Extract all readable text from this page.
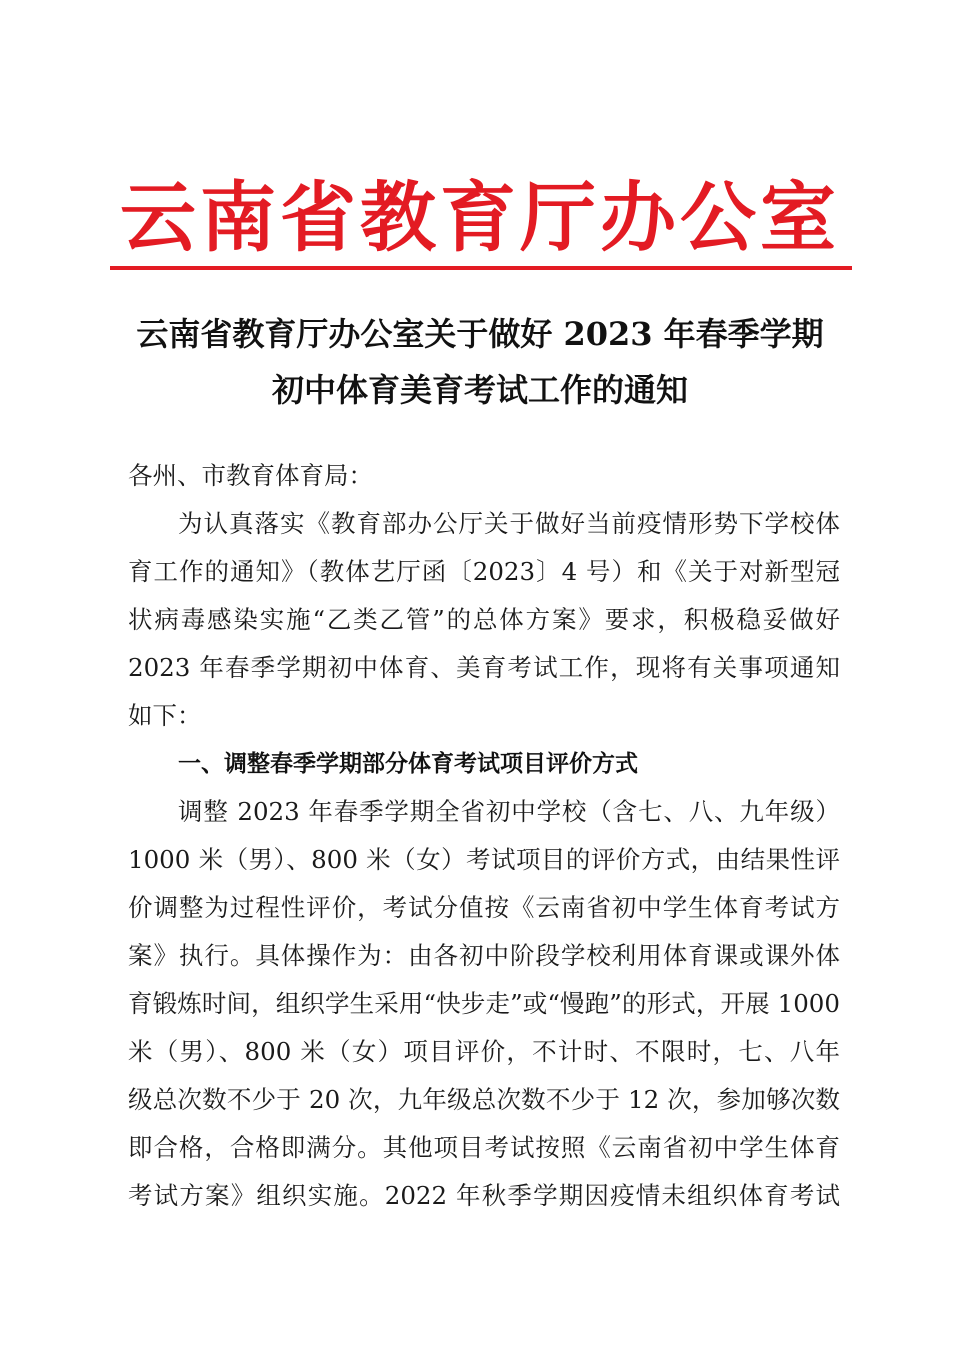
云南省教育厅办公室
云南省教育厅办公室关于做好 2023 年春季学期
初中体育美育考试工作的通知
各州、市教育体育局：
为认真落实《教育部办公厅关于做好当前疫情形势下学校体
育工作的通知》（教体艺厅函〔2023〕4 号）和《关于对新型冠
状病毒感染实施“乙类乙管”的总体方案》要求，积极稳妥做好
2023 年春季学期初中体育、美育考试工作，现将有关事项通知
如下：
一、调整春季学期部分体育考试项目评价方式
调整 2023 年春季学期全省初中学校（含七、八、九年级）
1000 米（男）、800 米（女）考试项目的评价方式，由结果性评
价调整为过程性评价，考试分值按《云南省初中学生体育考试方
案》执行。具体操作为：由各初中阶段学校利用体育课或课外体
育锻炼时间，组织学生采用“快步走”或“慢跑”的形式，开展 1000
米（男）、800 米（女）项目评价，不计时、不限时，七、八年
级总次数不少于 20 次，九年级总次数不少于 12 次，参加够次数
即合格，合格即满分。其他项目考试按照《云南省初中学生体育
考试方案》组织实施。2022 年秋季学期因疫情未组织体育考试
